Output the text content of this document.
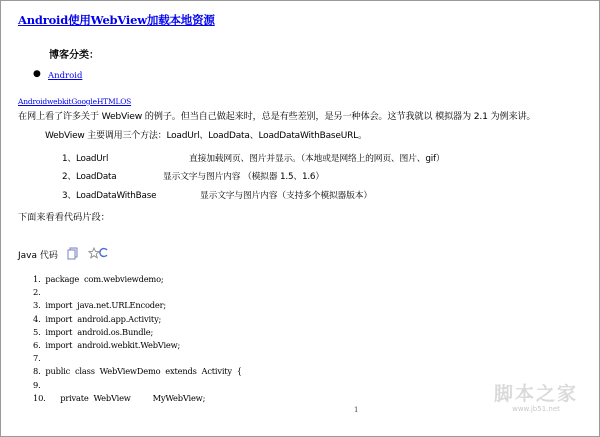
Android使用WebView加载本地资源
博客分类：
● Android
AndroidwebkitGoogleHTMLOS
在网上看了许多关于 WebView 的例子。但当自己做起来时，总是有些差别，是另一种体会。这节我就以 模拟器为 2.1 为例来讲。
WebView 主要调用三个方法：LoadUrl、LoadData、LoadDataWithBaseURL。
1、LoadUrl	直接加载网页、图片并显示。（本地或是网络上的网页、图片、gif）
2、LoadData	显示文字与图片内容 （模拟器 1.5、1.6）
3、LoadDataWithBase	显示文字与图片内容（支持多个模拟器版本）
下面来看看代码片段：
Java 代码
1.  package  com.webviewdemo;
2.
3.  import  java.net.URLEncoder;
4.  import  android.app.Activity;
5.  import  android.os.Bundle;
6.  import  android.webkit.WebView;
7.
8.  public  class  WebViewDemo  extends  Activity  {
9.
10.      private  WebView         MyWebView;
1
脚本之家
www.jb51.net
